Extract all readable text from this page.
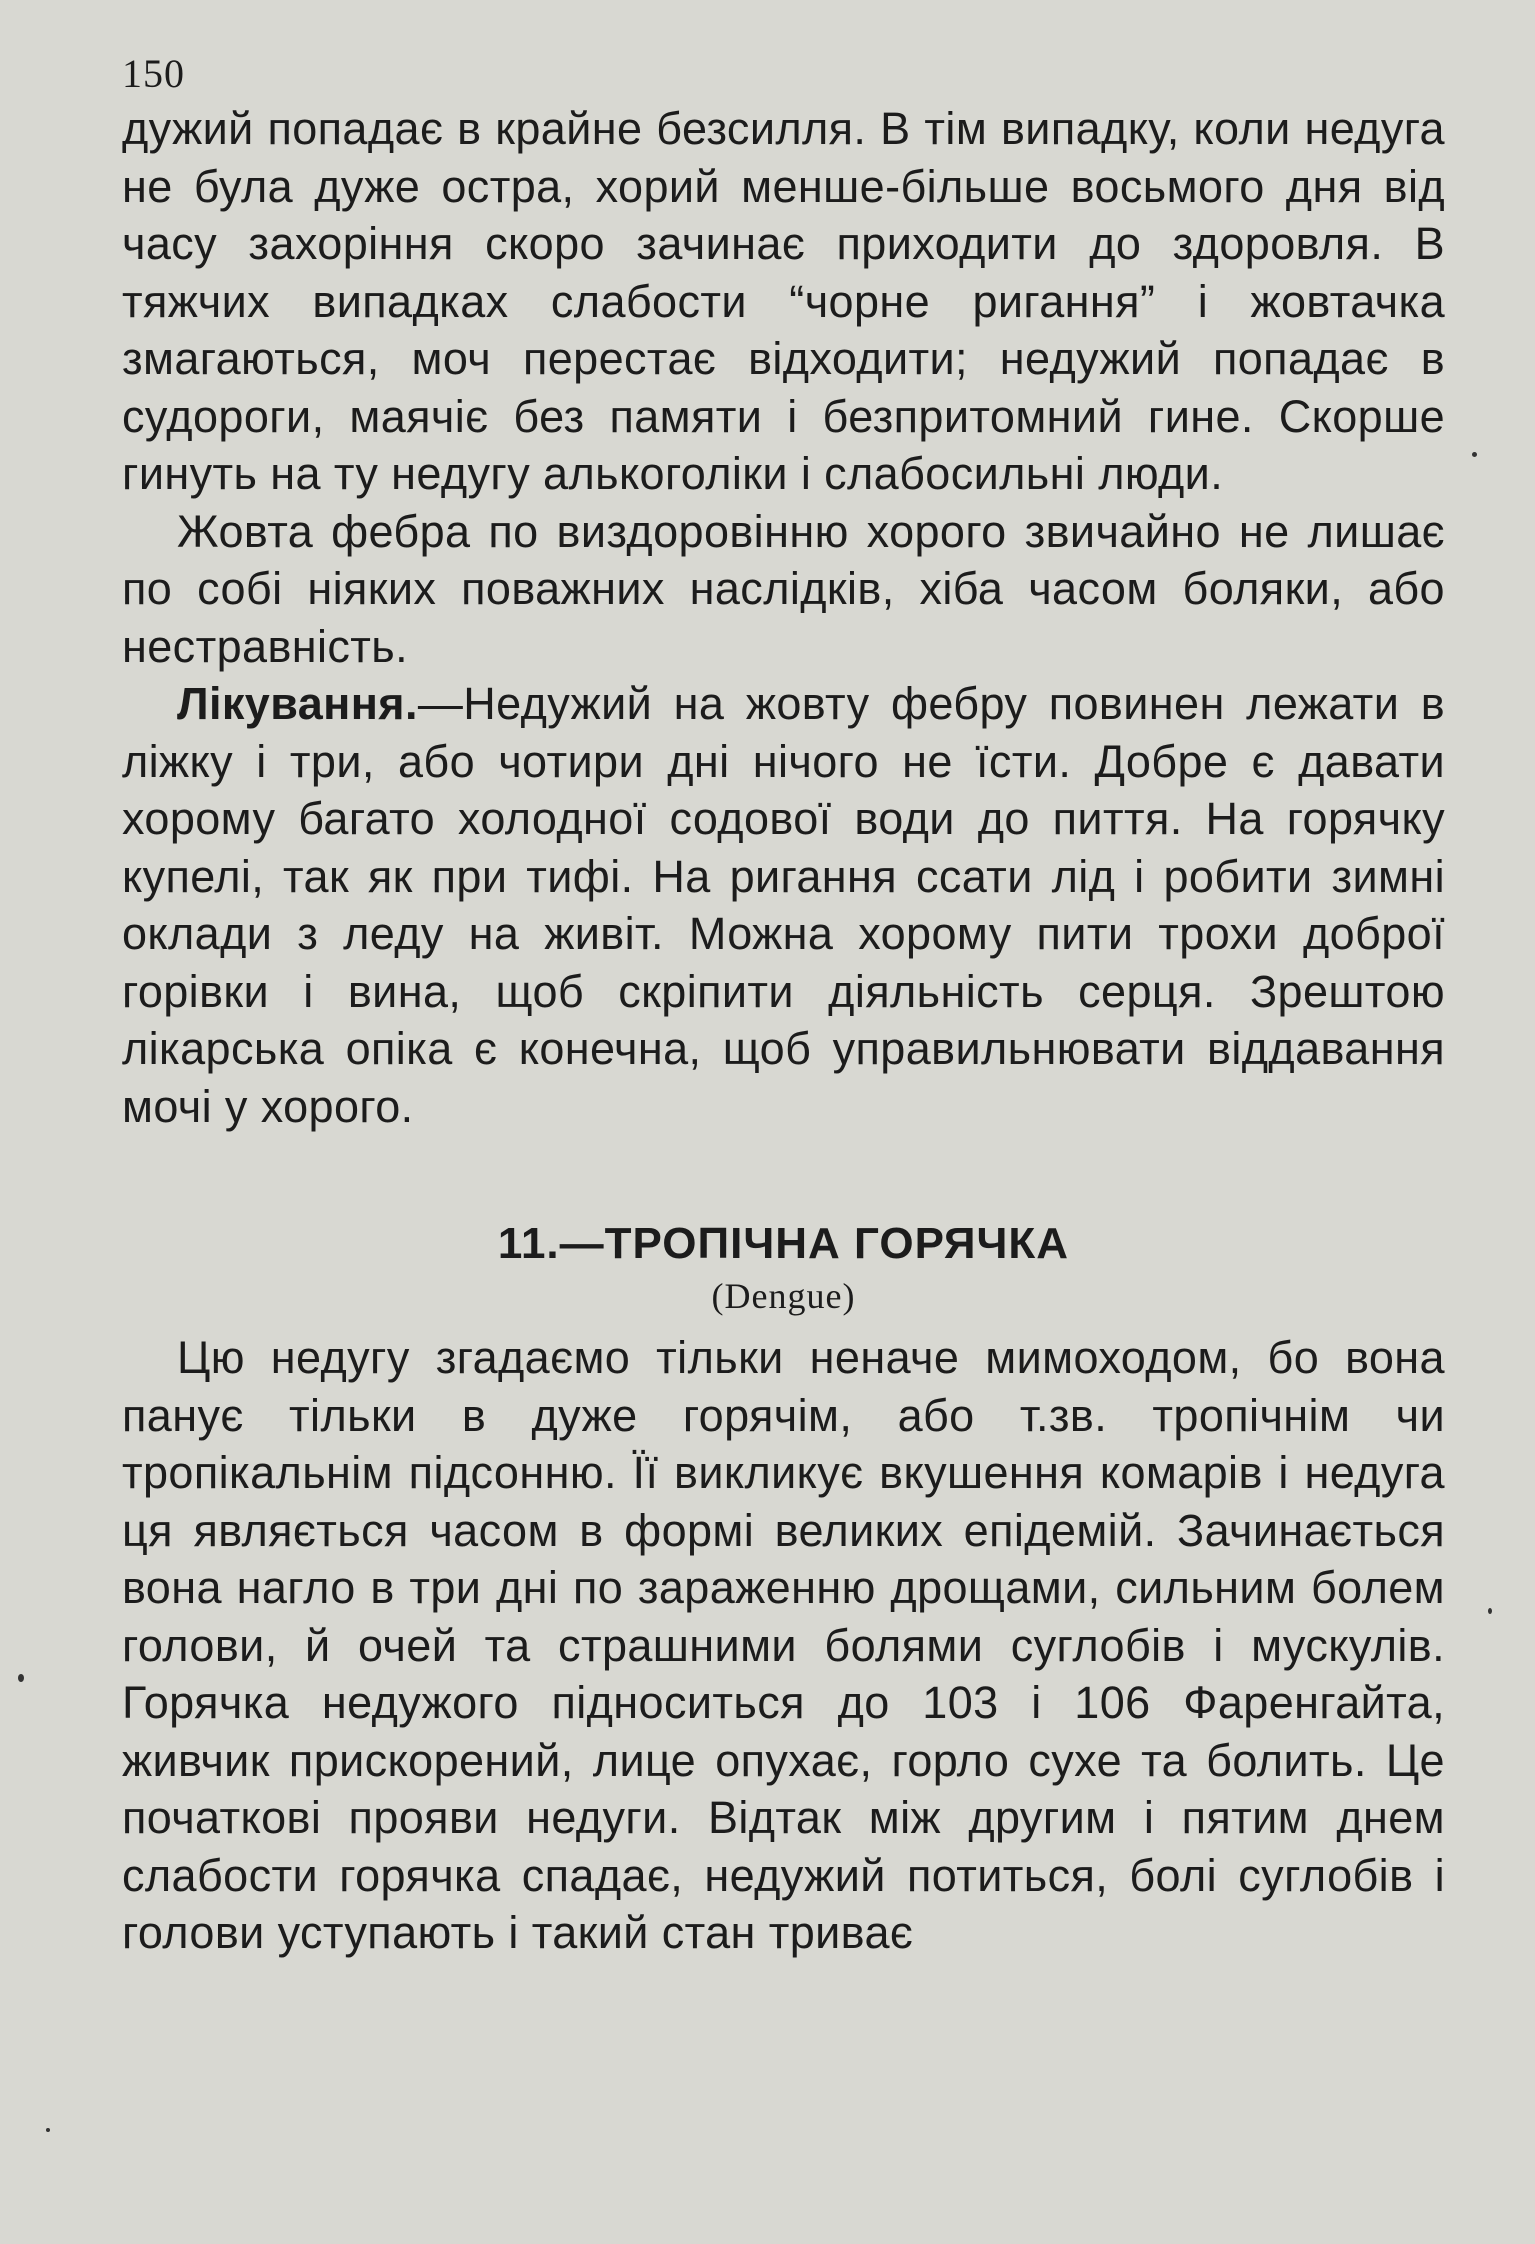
150

дужий попадає в крайне безсилля. В тім випадку, коли недуга не була дуже остра, хорий менше-більше восьмого дня від часу захоріння скоро зачинає приходити до здоровля. В тяжчих випадках слабости “чорне ригання” і жовтачка змагаються, моч перестає відходити; недужий попадає в судороги, маячіє без памяти і безпритомний гине. Скорше гинуть на ту недугу алькоголіки і слабосильні люди.

Жовта фебра по виздоровінню хорого звичайно не лишає по собі ніяких поважних наслідків, хіба часом боляки, або нестравність.

Лікування.—Недужий на жовту фебру повинен лежати в ліжку і три, або чотири дні нічого не їсти. Добре є давати хорому багато холодної содової води до пиття. На горячку купелі, так як при тифі. На ригання ссати лід і робити зимні оклади з леду на живіт. Можна хорому пити трохи доброї горівки і вина, щоб скріпити діяльність серця. Зрештою лікарська опіка є конечна, щоб управильнювати віддавання мочі у хорого.

11.—ТРОПІЧНА ГОРЯЧКА
(Dengue)

Цю недугу згадаємо тільки неначе мимоходом, бо вона панує тільки в дуже горячім, або т.зв. тропічнім чи тропікальнім підсонню. Її викликує вкушення комарів і недуга ця являється часом в формі великих епідемій. Зачинається вона нагло в три дні по зараженню дрощами, сильним болем голови, й очей та страшними болями суглобів і мускулів. Горячка недужого підноситься до 103 і 106 Фаренгайта, живчик прискорений, лице опухає, горло сухе та болить. Це початкові прояви недуги. Відтак між другим і пятим днем слабости горячка спадає, недужий потиться, болі суглобів і голови уступають і такий стан триває
